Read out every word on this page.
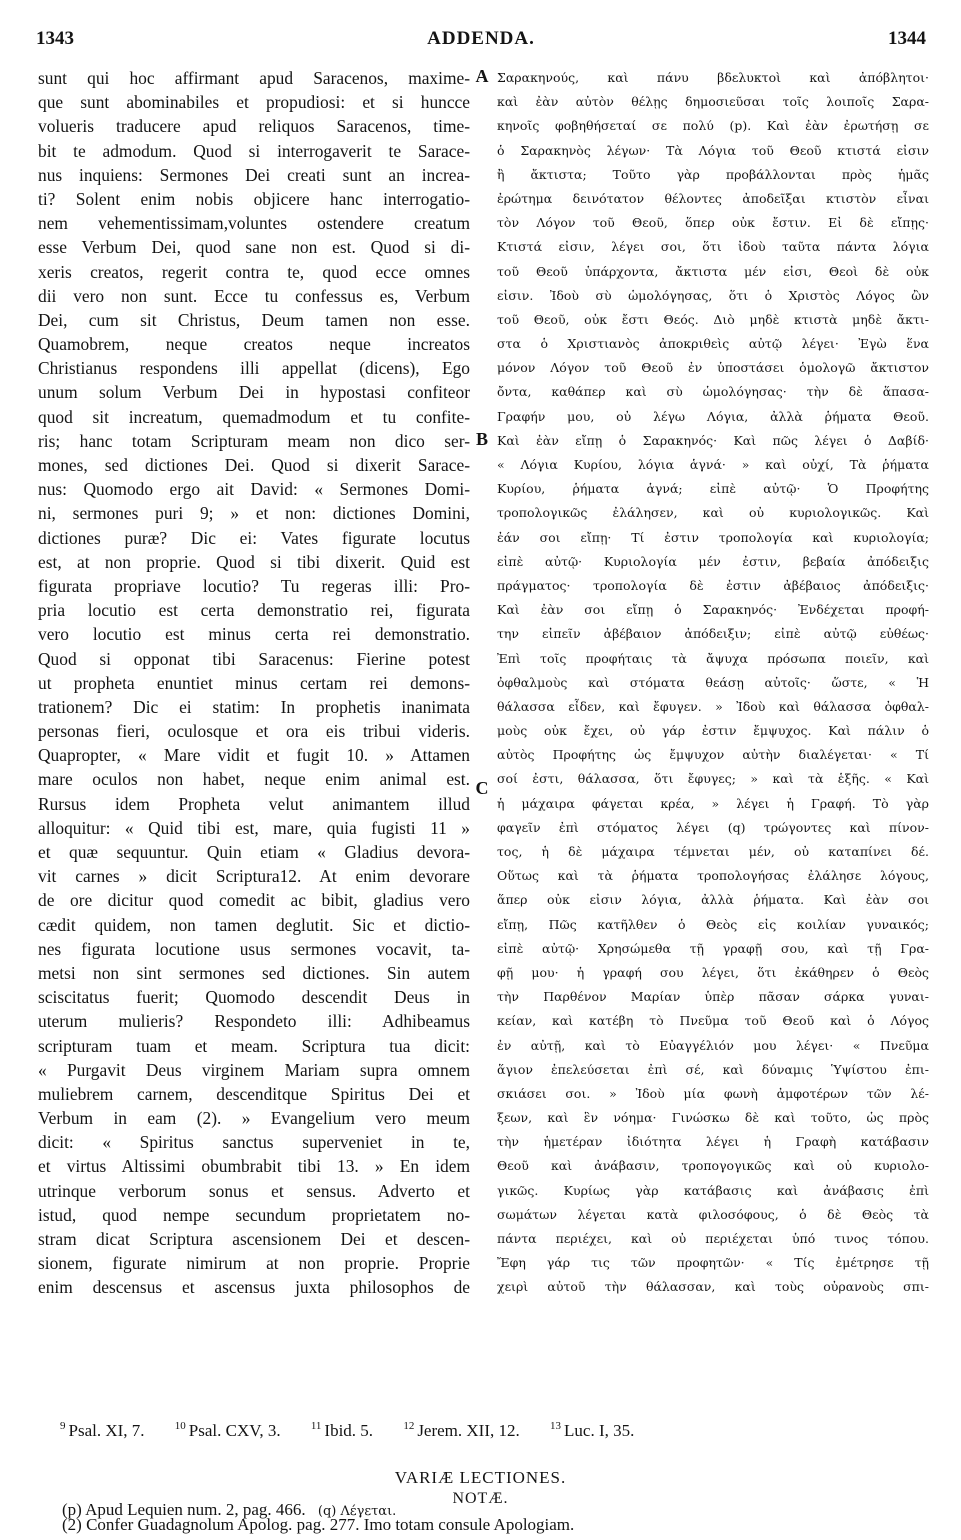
1343	ADDENDA.	1344
sunt qui hoc affirmant apud Saracenos, maxime-
que sunt abominabiles et propudiosi: et si huncce
volueris traducere apud reliquos Saracenos, time-
bit te admodum. Quod si interrogaverit te Sarace-
nus inquiens: Sermones Dei creati sunt an increa-
ti? Solent enim nobis objicere hanc interrogatio-
nem vehementissimam,voluntes ostendere creatum
esse Verbum Dei, quod sane non est. Quod si di-
xeris creatos, regerit contra te, quod ecce omnes
dii vero non sunt. Ecce tu confessus es, Verbum
Dei, cum sit Christus, Deum tamen non esse.
Quamobrem, neque creatos neque increatos
Christianus respondens illi appellat (dicens), Ego
unum solum Verbum Dei in hypostasi confiteor
quod sit increatum, quemadmodum et tu confite-
ris; hanc totam Scripturam meam non dico ser-
mones, sed dictiones Dei. Quod si dixerit Sarace-
nus: Quomodo ergo ait David: « Sermones Domi-
ni, sermones puri 9; » et non: dictiones Domini,
dictiones puræ? Dic ei: Vates figurate locutus
est, at non proprie. Quod si tibi dixerit. Quid est
figurata propriave locutio? Tu regeras illi: Pro-
pria locutio est certa demonstratio rei, figurata
vero locutio est minus certa rei demonstratio.
Quod si opponat tibi Saracenus: Fierine potest
ut propheta enuntiet minus certam rei demons-
trationem? Dic ei statim: In prophetis inanimata
personas fieri, oculosque et ora eis tribui videris.
Quapropter, « Mare vidit et fugit 10. » Attamen
mare oculos non habet, neque enim animal est.
Rursus idem Propheta velut animantem illud
alloquitur: « Quid tibi est, mare, quia fugisti 11 »
et quæ sequuntur. Quin etiam « Gladius devora-
vit carnes » dicit Scriptura12. At enim devorare
de ore dicitur quod comedit ac bibit, gladius vero
cædit quidem, non tamen deglutit. Sic et dictio-
nes figurata locutione usus sermones vocavit, ta-
metsi non sint sermones sed dictiones. Sin autem
sciscitatus fuerit; Quomodo descendit Deus in
uterum mulieris? Respondeto illi: Adhibeamus
scripturam tuam et meam. Scriptura tua dicit:
« Purgavit Deus virginem Mariam supra omnem
muliebrem carnem, descenditque Spiritus Dei et
Verbum in eam (2). » Evangelium vero meum
dicit: « Spiritus sanctus superveniet in te,
et virtus Altissimi obumbrabit tibi 13. » En idem
utrinque verborum sonus et sensus. Adverto et
istud, quod nempe secundum proprietatem no-
stram dicat Scriptura ascensionem Dei et descen-
sionem, figurate nimirum at non proprie. Proprie
enim descensus et ascensus juxta philosophos de
A
B
C
Σαρακηνούς, καὶ πάνυ βδελυκτοὶ καὶ ἀπόβλητοι·
καὶ ἐὰν αὐτὸν θέλῃς δημοσιεῦσαι τοῖς λοιποῖς Σαρα-
κηνοῖς φοβηθήσεταί σε πολύ (p). Καὶ ἐὰν ἐρωτήσῃ σε
ὁ Σαρακηνὸς λέγων· Τὰ Λόγια τοῦ Θεοῦ κτιστά εἰσιν
ἢ ἄκτιστα; Τοῦτο γὰρ προβάλλονται πρὸς ἡμᾶς
ἐρώτημα δεινότατον θέλοντες ἀποδεῖξαι κτιστὸν εἶναι
τὸν Λόγον τοῦ Θεοῦ, ὅπερ οὐκ ἔστιν. Εἰ δὲ εἴπῃς·
Κτιστά εἰσιν, λέγει σοι, ὅτι ἰδοὺ ταῦτα πάντα λόγια
τοῦ Θεοῦ ὑπάρχοντα, ἄκτιστα μέν εἰσι, Θεοὶ δὲ οὐκ
εἰσιν. Ἰδοὺ σὺ ὡμολόγησας, ὅτι ὁ Χριστὸς Λόγος ὢν
τοῦ Θεοῦ, οὐκ ἔστι Θεός. Διὸ μηδὲ κτιστὰ μηδὲ ἄκτι-
στα ὁ Χριστιανὸς ἀποκριθεὶς αὐτῷ λέγει· Ἐγὼ ἕνα
μόνον Λόγον τοῦ Θεοῦ ἐν ὑποστάσει ὁμολογῶ ἄκτιστον
ὄντα, καθάπερ καὶ σὺ ὡμολόγησας· τὴν δὲ ἅπασα-
Γραφήν μου, οὐ λέγω Λόγια, ἀλλὰ ῥήματα Θεοῦ.
Καὶ ἐὰν εἴπῃ ὁ Σαρακηνός· Καὶ πῶς λέγει ὁ Δαβίδ·
« Λόγια Κυρίου, λόγια ἁγνά· » καὶ οὐχί, Τὰ ῥήματα
Κυρίου, ῥήματα ἁγνά; εἰπὲ αὐτῷ· Ὁ Προφήτης
τροπολογικῶς ἐλάλησεν, καὶ οὐ κυριολογικῶς. Καὶ
ἐάν σοι εἴπῃ· Τί ἐστιν τροπολογία καὶ κυριολογία;
εἰπὲ αὐτῷ· Κυριολογία μέν ἐστιν, βεβαία ἀπόδειξις
πράγματος· τροπολογία δὲ ἐστιν ἀβέβαιος ἀπόδειξις·
Καὶ ἐὰν σοι εἴπῃ ὁ Σαρακηνός· Ἐνδέχεται προφή-
την εἰπεῖν ἀβέβαιον ἀπόδειξιν; εἰπὲ αὐτῷ εὐθέως·
Ἐπὶ τοῖς προφήταις τὰ ἄψυχα πρόσωπα ποιεῖν, καὶ
ὀφθαλμοὺς καὶ στόματα θεάσῃ αὐτοῖς· ὥστε, « Ἡ
θάλασσα εἶδεν, καὶ ἔφυγεν. » Ἰδοὺ καὶ θάλασσα ὀφθαλ-
μοὺς οὐκ ἔχει, οὐ γάρ ἐστιν ἔμψυχος. Καὶ πάλιν ὁ
αὐτὸς Προφήτης ὡς ἔμψυχον αὐτὴν διαλέγεται· « Τί
σοί ἐστι, θάλασσα, ὅτι ἔφυγες; » καὶ τὰ ἑξῆς. « Καὶ
ἡ μάχαιρα φάγεται κρέα, » λέγει ἡ Γραφή. Τὸ γὰρ
φαγεῖν ἐπὶ στόματος λέγει (q) τρώγοντες καὶ πίνον-
τος, ἡ δὲ μάχαιρα τέμνεται μέν, οὐ καταπίνει δέ.
Οὕτως καὶ τὰ ῥήματα τροπολογήσας ἐλάλησε λόγους,
ἅπερ οὐκ εἰσιν λόγια, ἀλλὰ ῥήματα. Καὶ ἐὰν σοι
εἴπῃ, Πῶς κατῆλθεν ὁ Θεὸς εἰς κοιλίαν γυναικός;
εἰπὲ αὐτῷ· Χρησώμεθα τῇ γραφῇ σου, καὶ τῇ Γρα-
φῇ μου· ἡ γραφή σου λέγει, ὅτι ἐκάθηρεν ὁ Θεὸς
τὴν Παρθένον Μαρίαν ὑπὲρ πᾶσαν σάρκα γυναι-
κείαν, καὶ κατέβη τὸ Πνεῦμα τοῦ Θεοῦ καὶ ὁ Λόγος
ἐν αὐτῇ, καὶ τὸ Εὐαγγέλιόν μου λέγει· « Πνεῦμα
ἅγιον ἐπελεύσεται ἐπὶ σέ, καὶ δύναμις Ὑψίστου ἐπι-
σκιάσει σοι. » Ἰδοὺ μία φωνὴ ἀμφοτέρων τῶν λέ-
ξεων, καὶ ἓν νόημα· Γινώσκω δὲ καὶ τοῦτο, ὡς πρὸς
τὴν ἡμετέραν ἰδιότητα λέγει ἡ Γραφὴ κατάβασιν
Θεοῦ καὶ ἀνάβασιν, τροπογογικῶς καὶ οὐ κυριολο-
γικῶς. Κυρίως γὰρ κατάβασις καὶ ἀνάβασις ἐπὶ
σωμάτων λέγεται κατὰ φιλοσόφους, ὁ δὲ Θεὸς τὰ
πάντα περιέχει, καὶ οὐ περιέχεται ὑπό τινος τόπου.
Ἔφη γάρ τις τῶν προφητῶν· « Τίς ἐμέτρησε τῇ
χειρὶ αὐτοῦ τὴν θάλασσαν, καὶ τοὺς οὐρανοὺς σπι-
$^9$ Psal. XI, 7.	$^{10}$ Psal. CXV, 3.	$^{11}$ Ibid. 5.	$^{12}$ Jerem. XII, 12.	$^{13}$ Luc. I, 35.
VARIÆ LECTIONES.
(p) Apud Lequien num. 2, pag. 466. (q) Λέγεται.
NOTÆ.
(2) Confer Guadagnolum Apolog. pag. 277. Imo totam consule Apologiam.
